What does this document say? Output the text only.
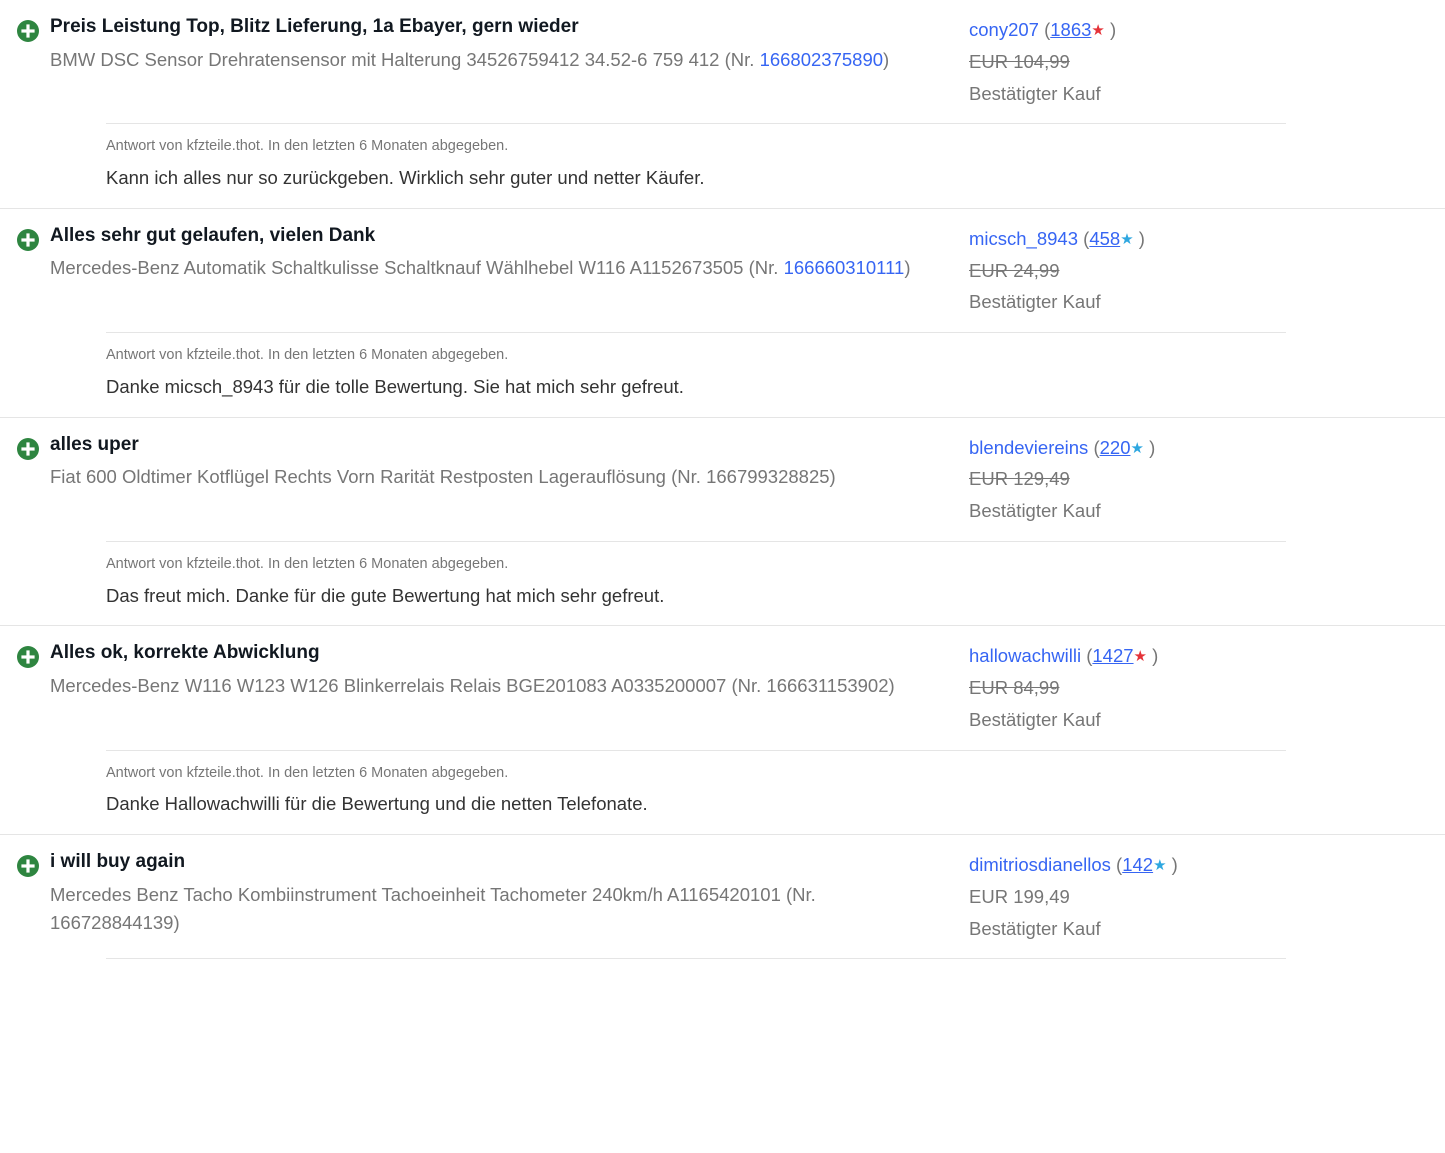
Preis Leistung Top, Blitz Lieferung, 1a Ebayer, gern wieder
BMW DSC Sensor Drehratensensor mit Halterung 34526759412 34.52-6 759 412 (Nr. 166802375890)
cony207 (1863★ )
EUR 104,99
Bestätigter Kauf
Antwort von kfzteile.thot. In den letzten 6 Monaten abgegeben.
Kann ich alles nur so zurückgeben. Wirklich sehr guter und netter Käufer.
Alles sehr gut gelaufen, vielen Dank
Mercedes-Benz Automatik Schaltkulisse Schaltknauf Wählhebel W116 A1152673505 (Nr. 166660310111)
micsch_8943 (458★ )
EUR 24,99
Bestätigter Kauf
Antwort von kfzteile.thot. In den letzten 6 Monaten abgegeben.
Danke micsch_8943 für die tolle Bewertung. Sie hat mich sehr gefreut.
alles uper
Fiat 600 Oldtimer Kotflügel Rechts Vorn Rarität Restposten Lagerauflösung (Nr. 166799328825)
blendeviereins (220★ )
EUR 129,49
Bestätigter Kauf
Antwort von kfzteile.thot. In den letzten 6 Monaten abgegeben.
Das freut mich. Danke für die gute Bewertung hat mich sehr gefreut.
Alles ok, korrekte Abwicklung
Mercedes-Benz W116 W123 W126 Blinkerrelais Relais BGE201083 A0335200007 (Nr. 166631153902)
hallowachwilli (1427★ )
EUR 84,99
Bestätigter Kauf
Antwort von kfzteile.thot. In den letzten 6 Monaten abgegeben.
Danke Hallowachwilli für die Bewertung und die netten Telefonate.
i will buy again
Mercedes Benz Tacho Kombiinstrument Tachoeinheit Tachometer 240km/h A1165420101 (Nr. 166728844139)
dimitriosdianellos (142★ )
EUR 199,49
Bestätigter Kauf
